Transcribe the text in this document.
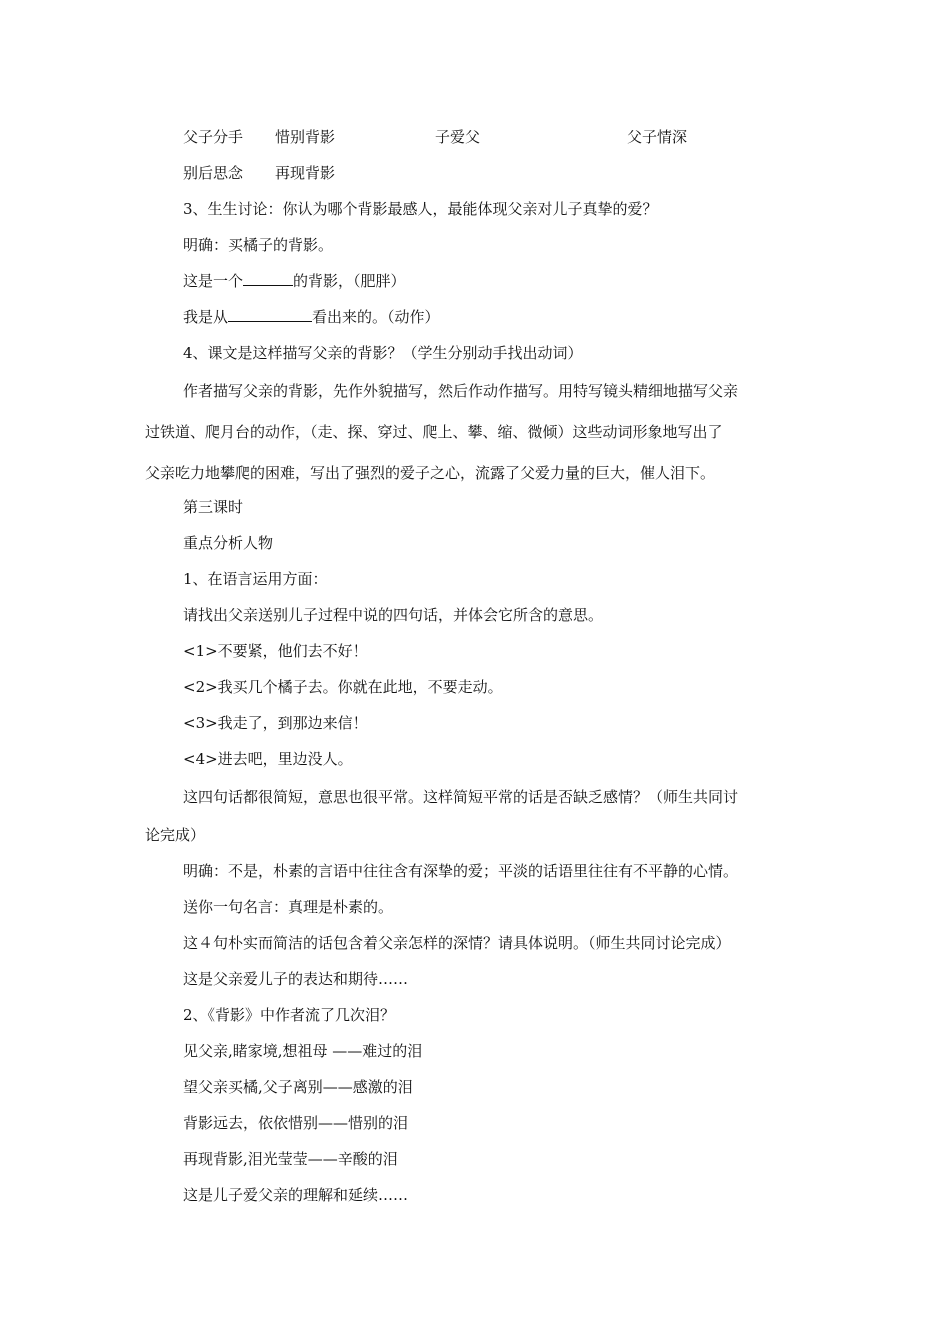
父子分手 惜别背影	子爱父	父子情深
别后思念 再现背影
3、生生讨论：你认为哪个背影最感人，最能体现父亲对儿子真挚的爱？
明确：买橘子的背影。
这是一个	的背影，（肥胖）
我是从	看出来的。（动作）
4、课文是这样描写父亲的背影？（学生分别动手找出动词）
作者描写父亲的背影，先作外貌描写，然后作动作描写。用特写镜头精细地描写父亲
过铁道、爬月台的动作，（走、探、穿过、爬上、攀、缩、微倾）这些动词形象地写出了
父亲吃力地攀爬的困难，写出了强烈的爱子之心，流露了父爱力量的巨大，催人泪下。
第三课时
重点分析人物
1、在语言运用方面：
请找出父亲送别儿子过程中说的四句话，并体会它所含的意思。
<1>不要紧，他们去不好！
<2>我买几个橘子去。你就在此地，不要走动。
<3>我走了，到那边来信！
<4>进去吧，里边没人。
这四句话都很简短，意思也很平常。这样简短平常的话是否缺乏感情？（师生共同讨
论完成）
明确：不是，朴素的言语中往往含有深挚的爱；平淡的话语里往往有不平静的心情。
送你一句名言：真理是朴素的。
这４句朴实而简洁的话包含着父亲怎样的深情？请具体说明。（师生共同讨论完成）
这是父亲爱儿子的表达和期待……
2、《背影》中作者流了几次泪？
见父亲,睹家境,想祖母 ——难过的泪
望父亲买橘,父子离别——感激的泪
背影远去，依依惜别——惜别的泪
再现背影,泪光莹莹——辛酸的泪
这是儿子爱父亲的理解和延续……
